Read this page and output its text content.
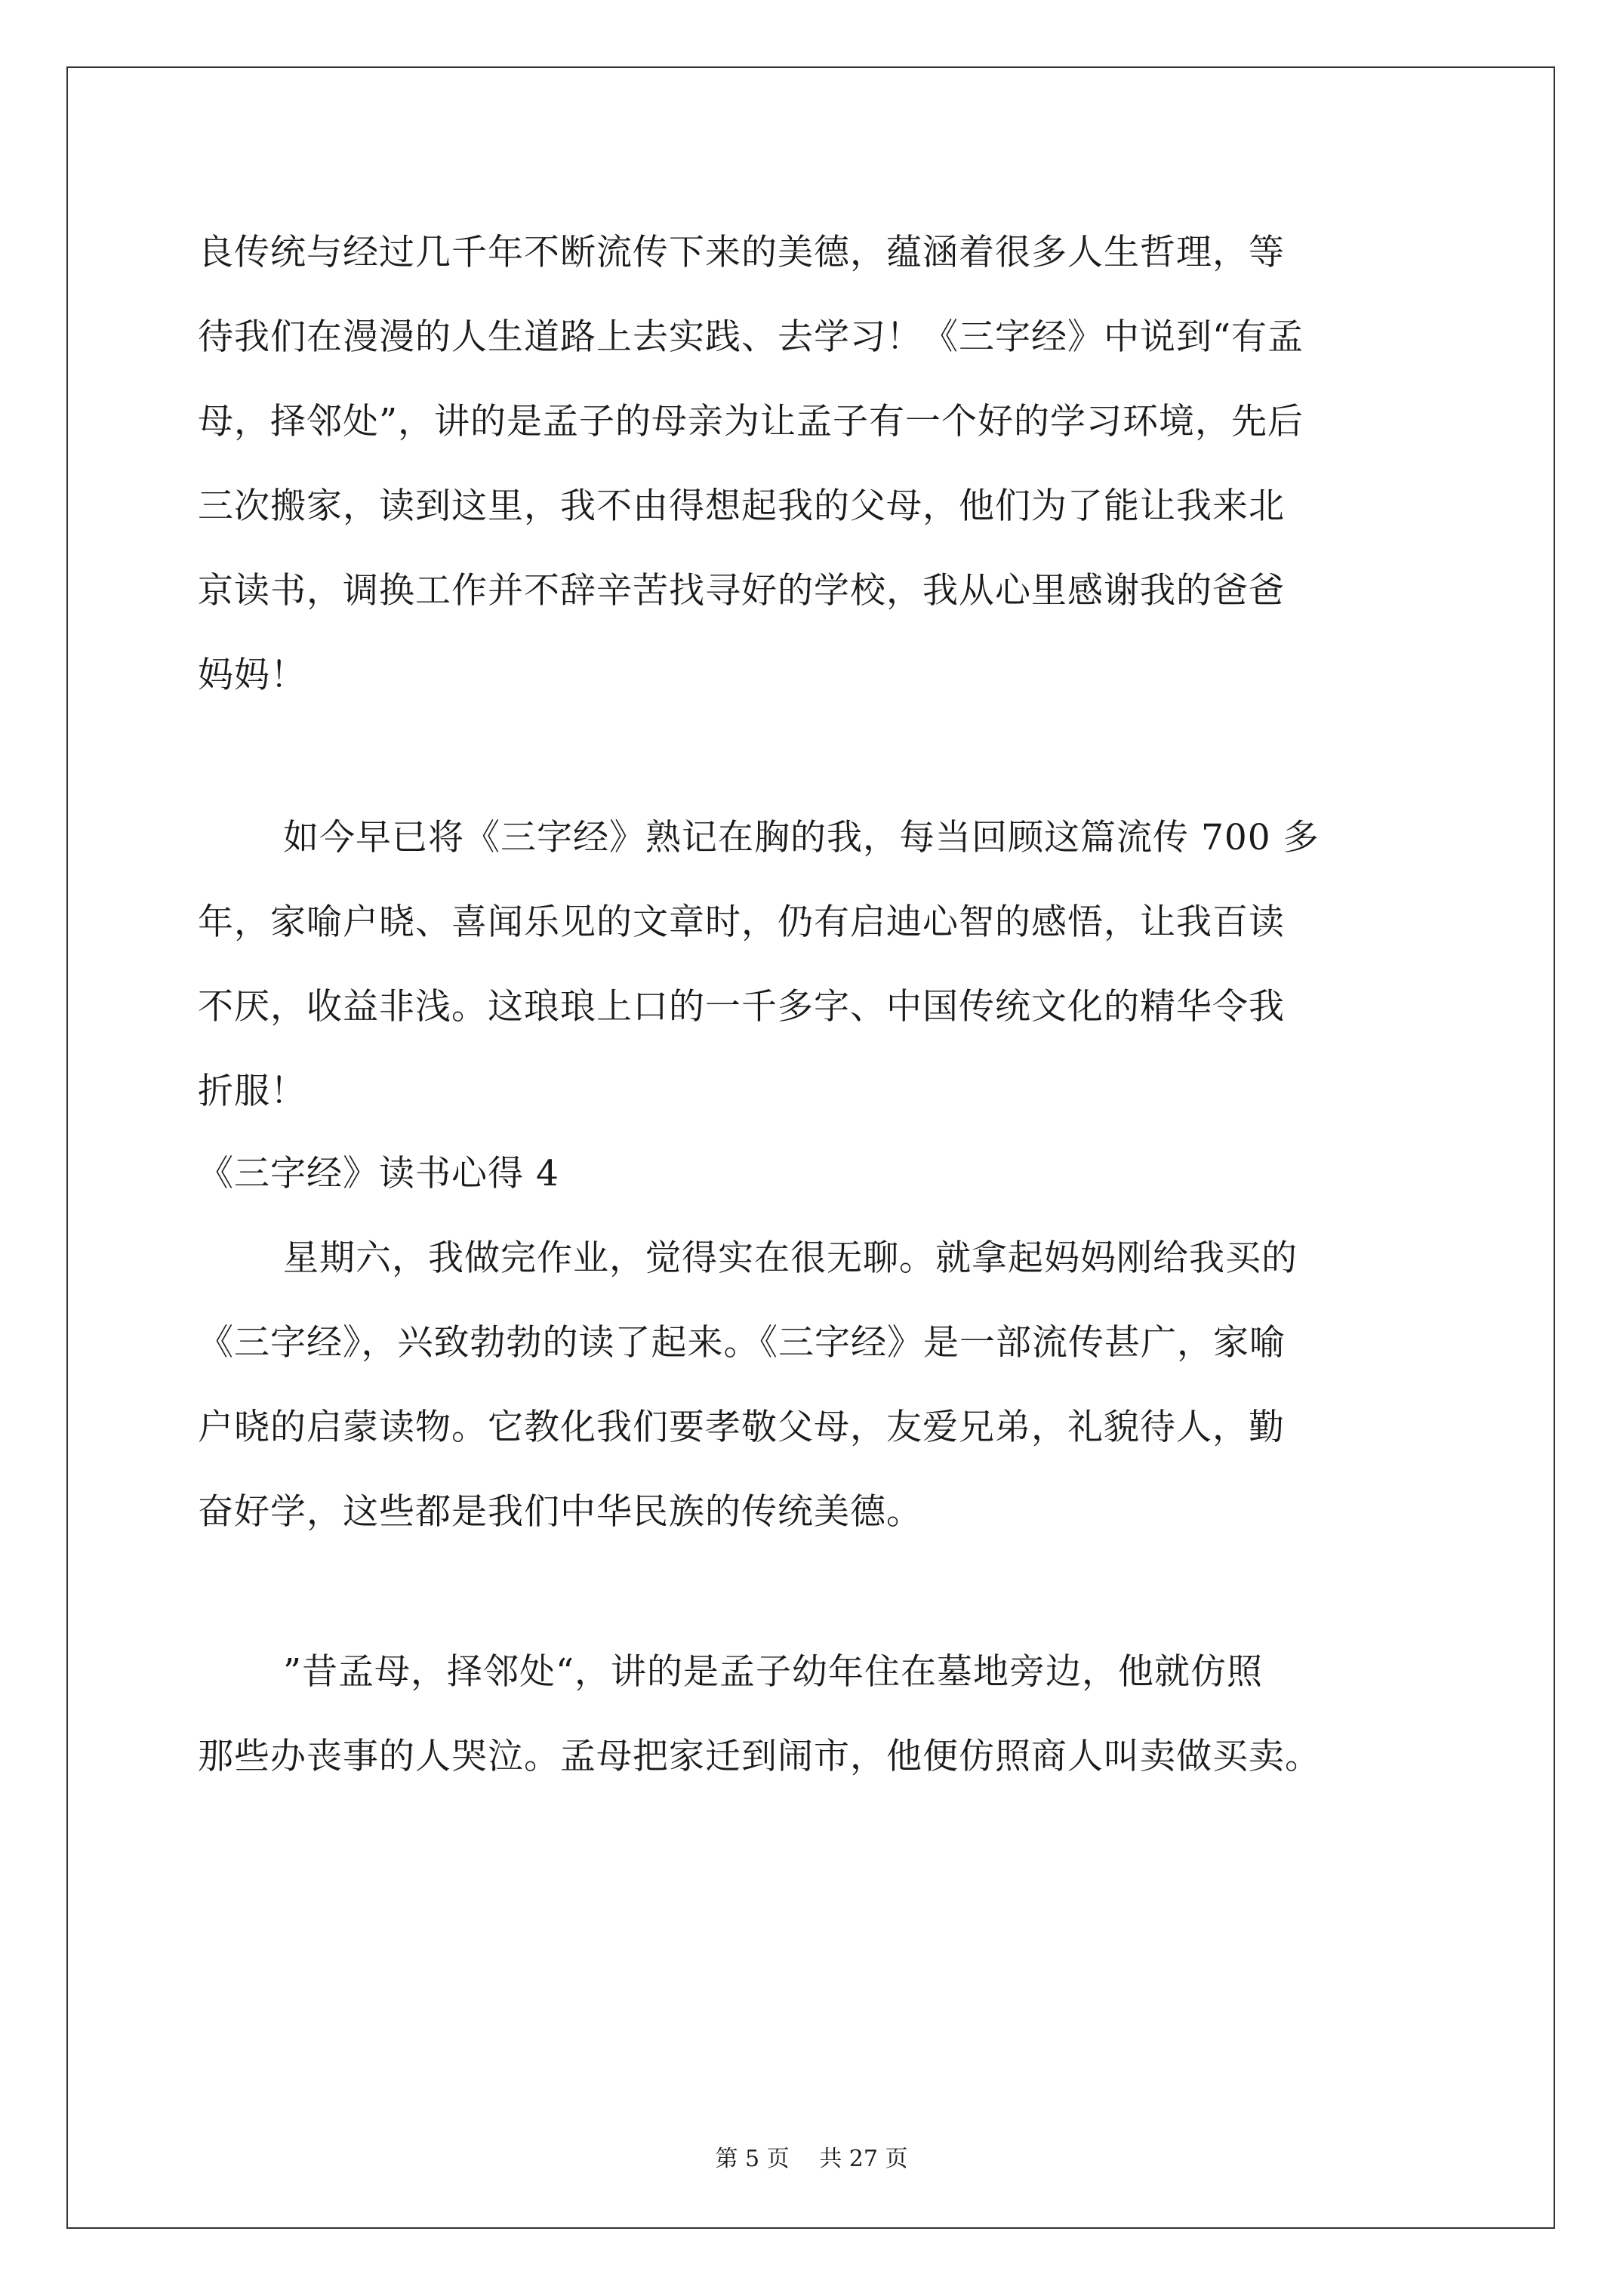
良传统与经过几千年不断流传下来的美德，蕴涵着很多人生哲理，等
待我们在漫漫的人生道路上去实践、去学习！《三字经》中说到“有孟
母，择邻处”，讲的是孟子的母亲为让孟子有一个好的学习环境，先后
三次搬家，读到这里，我不由得想起我的父母，他们为了能让我来北
京读书，调换工作并不辞辛苦找寻好的学校，我从心里感谢我的爸爸
妈妈！
如今早已将《三字经》熟记在胸的我，每当回顾这篇流传 700 多
年，家喻户晓、喜闻乐见的文章时，仍有启迪心智的感悟，让我百读
不厌，收益非浅。这琅琅上口的一千多字、中国传统文化的精华令我
折服！
《三字经》读书心得 4
星期六，我做完作业，觉得实在很无聊。就拿起妈妈刚给我买的
《三字经》，兴致勃勃的读了起来。《三字经》是一部流传甚广，家喻
户晓的启蒙读物。它教化我们要孝敬父母，友爱兄弟，礼貌待人，勤
奋好学，这些都是我们中华民族的传统美德。
”昔孟母，择邻处“，讲的是孟子幼年住在墓地旁边，他就仿照
那些办丧事的人哭泣。孟母把家迁到闹市，他便仿照商人叫卖做买卖。
第 5 页　 共 27 页
